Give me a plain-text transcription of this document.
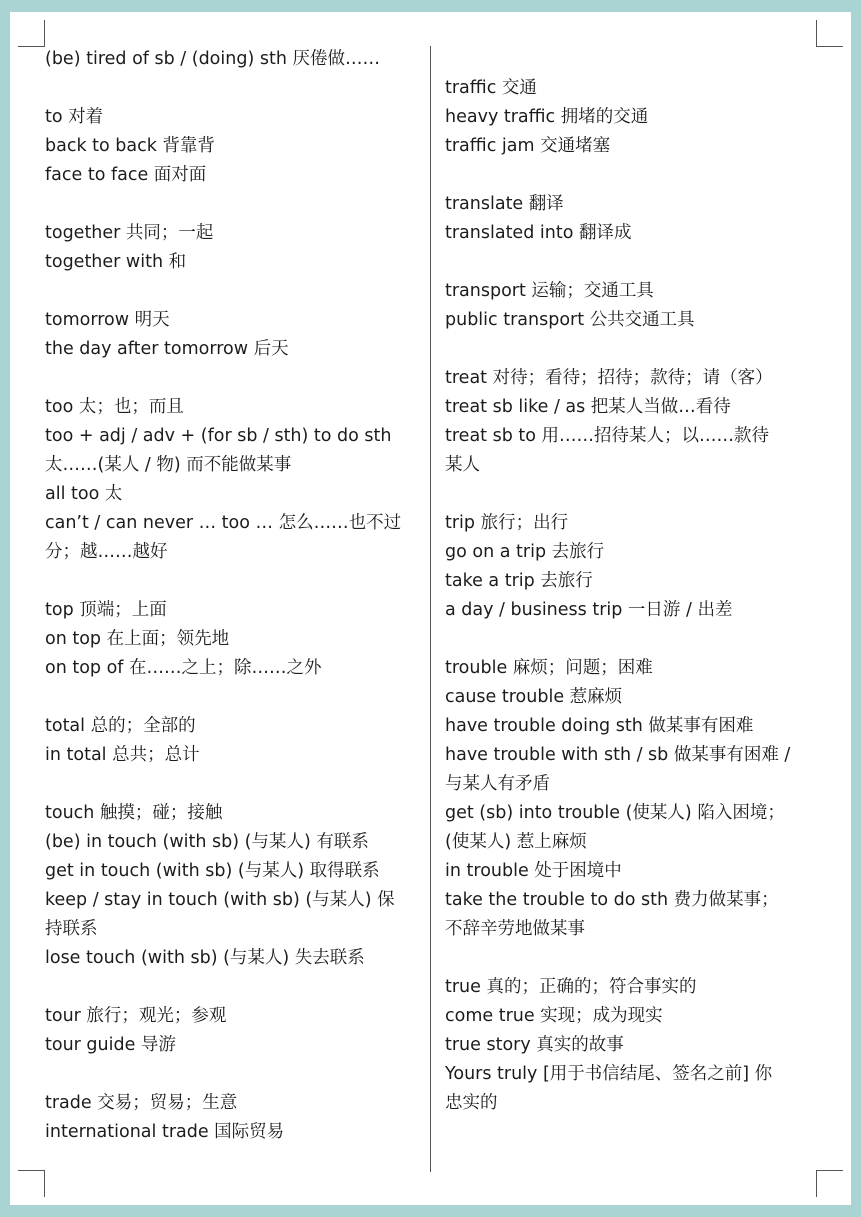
(be) tired of sb / (doing) sth 厌倦做……

to 对着

back to back 背靠背

face to face 面对面

together 共同；一起

together with 和

tomorrow 明天

the day after tomorrow 后天

too 太；也；而且

too + adj / adv + (for sb / sth) to do sth

太……(某人 / 物) 而不能做某事

all too 太

can’t / can never … too … 怎么……也不过

分；越……越好

top 顶端；上面

on top 在上面；领先地

on top of 在……之上；除……之外

total 总的；全部的

in total 总共；总计

touch 触摸；碰；接触

(be) in touch (with sb) (与某人) 有联系

get in touch (with sb) (与某人) 取得联系

keep / stay in touch (with sb) (与某人) 保

持联系

lose touch (with sb) (与某人) 失去联系

tour 旅行；观光；参观

tour guide 导游

trade 交易；贸易；生意

international trade 国际贸易

traffic 交通

heavy traffic 拥堵的交通

traffic jam 交通堵塞

translate 翻译

translated into 翻译成

transport 运输；交通工具

public transport 公共交通工具

treat 对待；看待；招待；款待；请（客）

treat sb like / as 把某人当做…看待

treat sb to 用……招待某人；以……款待

某人

trip 旅行；出行

go on a trip 去旅行

take a trip 去旅行

a day / business trip 一日游 / 出差

trouble 麻烦；问题；困难

cause trouble 惹麻烦

have trouble doing sth 做某事有困难

have trouble with sth / sb 做某事有困难 /

与某人有矛盾

get (sb) into trouble (使某人) 陷入困境；

(使某人) 惹上麻烦

in trouble 处于困境中

take the trouble to do sth 费力做某事；

不辞辛劳地做某事

true 真的；正确的；符合事实的

come true 实现；成为现实

true story 真实的故事

Yours truly [用于书信结尾、签名之前] 你

忠实的
